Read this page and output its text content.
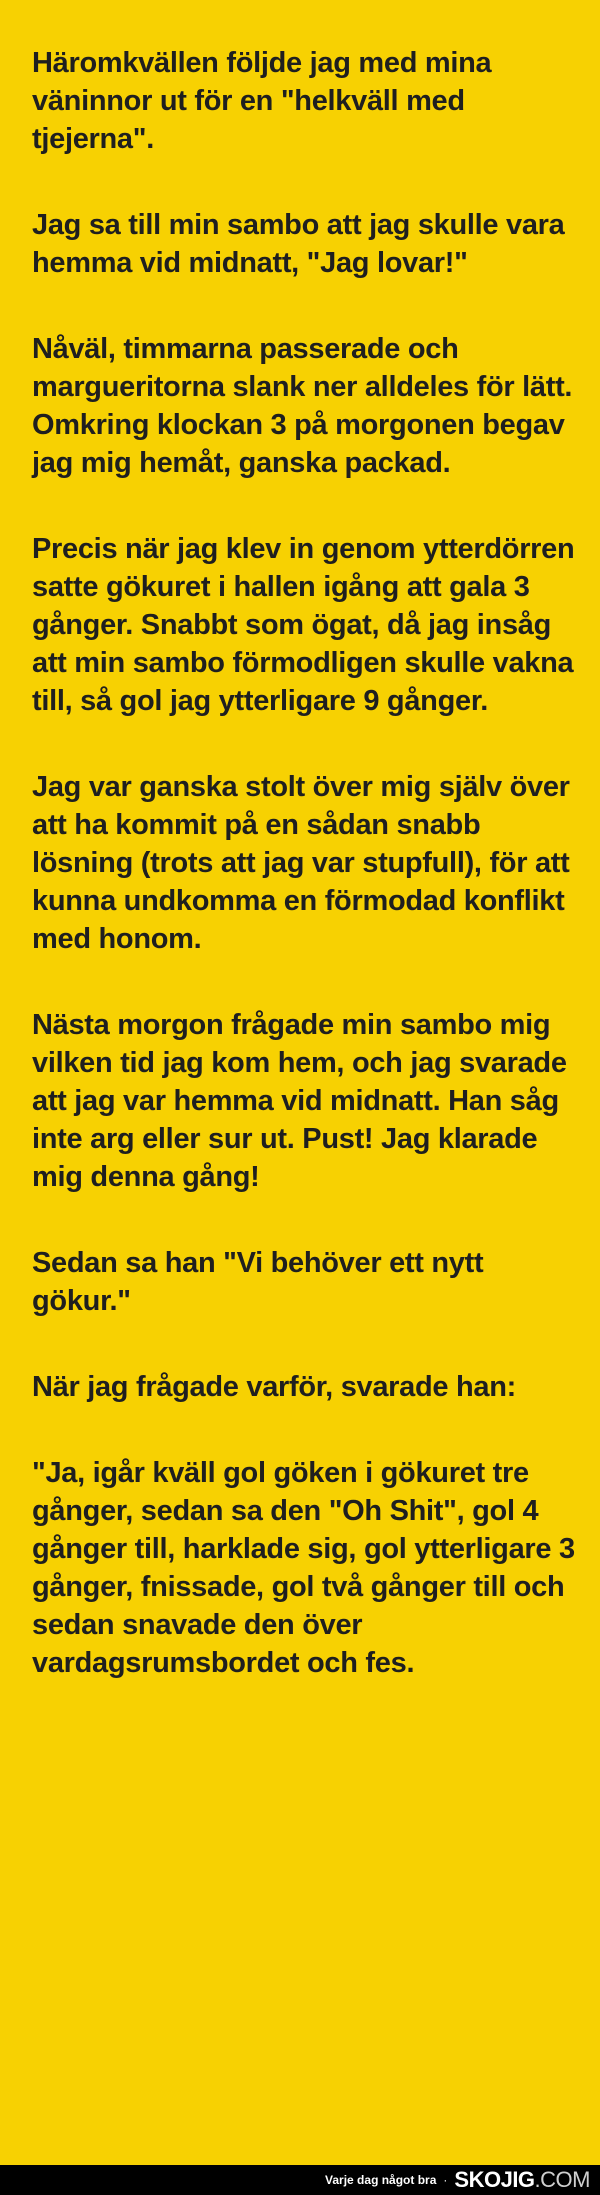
Häromkvällen följde jag med mina väninnor ut för en "helkväll med tjejerna".

Jag sa till min sambo att jag skulle vara hemma vid midnatt, "Jag lovar!"

Nåväl, timmarna passerade och margueritorna slank ner alldeles för lätt. Omkring klockan 3 på morgonen begav jag mig hemåt, ganska packad.

Precis när jag klev in genom ytterdörren satte gökuret i hallen igång att gala 3 gånger. Snabbt som ögat, då jag insåg att min sambo förmodligen skulle vakna till, så gol jag ytterligare 9 gånger.

Jag var ganska stolt över mig själv över att ha kommit på en sådan snabb lösning (trots att jag var stupfull), för att kunna undkomma en förmodad konflikt med honom.

Nästa morgon frågade min sambo mig vilken tid jag kom hem, och jag svarade att jag var hemma vid midnatt. Han såg inte arg eller sur ut. Pust! Jag klarade mig denna gång!

Sedan sa han "Vi behöver ett nytt gökur."

När jag frågade varför, svarade han:

"Ja, igår kväll gol göken i gökuret tre gånger, sedan sa den "Oh Shit", gol 4 gånger till, harklade sig, gol ytterligare 3 gånger, fnissade, gol två gånger till och sedan snavade den över vardagsrumsbordet och fes.

Varje dag något bra · SKOJIG .COM
